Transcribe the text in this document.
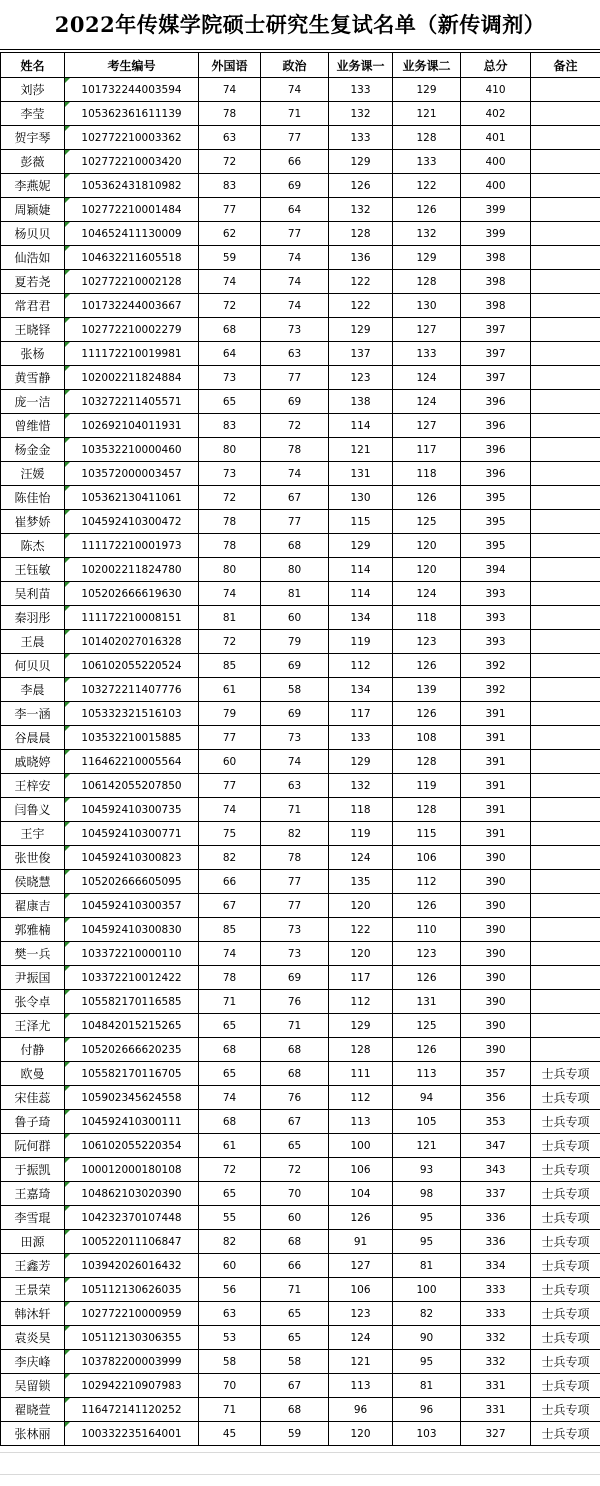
2022年传媒学院硕士研究生复试名单（新传调剂）
姓名	考生编号	外国语	政治	业务课一	业务课二	总分	备注
刘莎	101732244003594	74	74	133	129	410	
李莹	105362361611139	78	71	132	121	402	
贺宇琴	102772210003362	63	77	133	128	401	
彭薇	102772210003420	72	66	129	133	400	
李燕妮	105362431810982	83	69	126	122	400	
周颖婕	102772210001484	77	64	132	126	399	
杨贝贝	104652411130009	62	77	128	132	399	
仙浩如	104632211605518	59	74	136	129	398	
夏若尧	102772210002128	74	74	122	128	398	
常君君	101732244003667	72	74	122	130	398	
王晓铎	102772210002279	68	73	129	127	397	
张杨	111172210019981	64	63	137	133	397	
黄雪静	102002211824884	73	77	123	124	397	
庞一洁	103272211405571	65	69	138	124	396	
曾维惜	102692104011931	83	72	114	127	396	
杨金金	103532210000460	80	78	121	117	396	
汪媛	103572000003457	73	74	131	118	396	
陈佳怡	105362130411061	72	67	130	126	395	
崔梦娇	104592410300472	78	77	115	125	395	
陈杰	111172210001973	78	68	129	120	395	
王钰敏	102002211824780	80	80	114	120	394	
吴利苗	105202666619630	74	81	114	124	393	
秦羽彤	111172210008151	81	60	134	118	393	
王晨	101402027016328	72	79	119	123	393	
何贝贝	106102055220524	85	69	112	126	392	
李晨	103272211407776	61	58	134	139	392	
李一涵	105332321516103	79	69	117	126	391	
谷晨晨	103532210015885	77	73	133	108	391	
戚晓婷	116462210005564	60	74	129	128	391	
王梓安	106142055207850	77	63	132	119	391	
闫鲁义	104592410300735	74	71	118	128	391	
王宇	104592410300771	75	82	119	115	391	
张世俊	104592410300823	82	78	124	106	390	
侯晓慧	105202666605095	66	77	135	112	390	
翟康吉	104592410300357	67	77	120	126	390	
郭雅楠	104592410300830	85	73	122	110	390	
樊一兵	103372210000110	74	73	120	123	390	
尹振国	103372210012422	78	69	117	126	390	
张令卓	105582170116585	71	76	112	131	390	
王泽尤	104842015215265	65	71	129	125	390	
付静	105202666620235	68	68	128	126	390	
欧曼	105582170116705	65	68	111	113	357	士兵专项
宋佳蕊	105902345624558	74	76	112	94	356	士兵专项
鲁子琦	104592410300111	68	67	113	105	353	士兵专项
阮何群	106102055220354	61	65	100	121	347	士兵专项
于振凯	100012000180108	72	72	106	93	343	士兵专项
王嘉琦	104862103020390	65	70	104	98	337	士兵专项
李雪琨	104232370107448	55	60	126	95	336	士兵专项
田源	100522011106847	82	68	91	95	336	士兵专项
王鑫芳	103942026016432	60	66	127	81	334	士兵专项
王景荣	105112130626035	56	71	106	100	333	士兵专项
韩沐轩	102772210000959	63	65	123	82	333	士兵专项
袁炎昊	105112130306355	53	65	124	90	332	士兵专项
李庆峰	103782200003999	58	58	121	95	332	士兵专项
吴留锁	102942210907983	70	67	113	81	331	士兵专项
翟晓萱	116472141120252	71	68	96	96	331	士兵专项
张林丽	100332235164001	45	59	120	103	327	士兵专项
